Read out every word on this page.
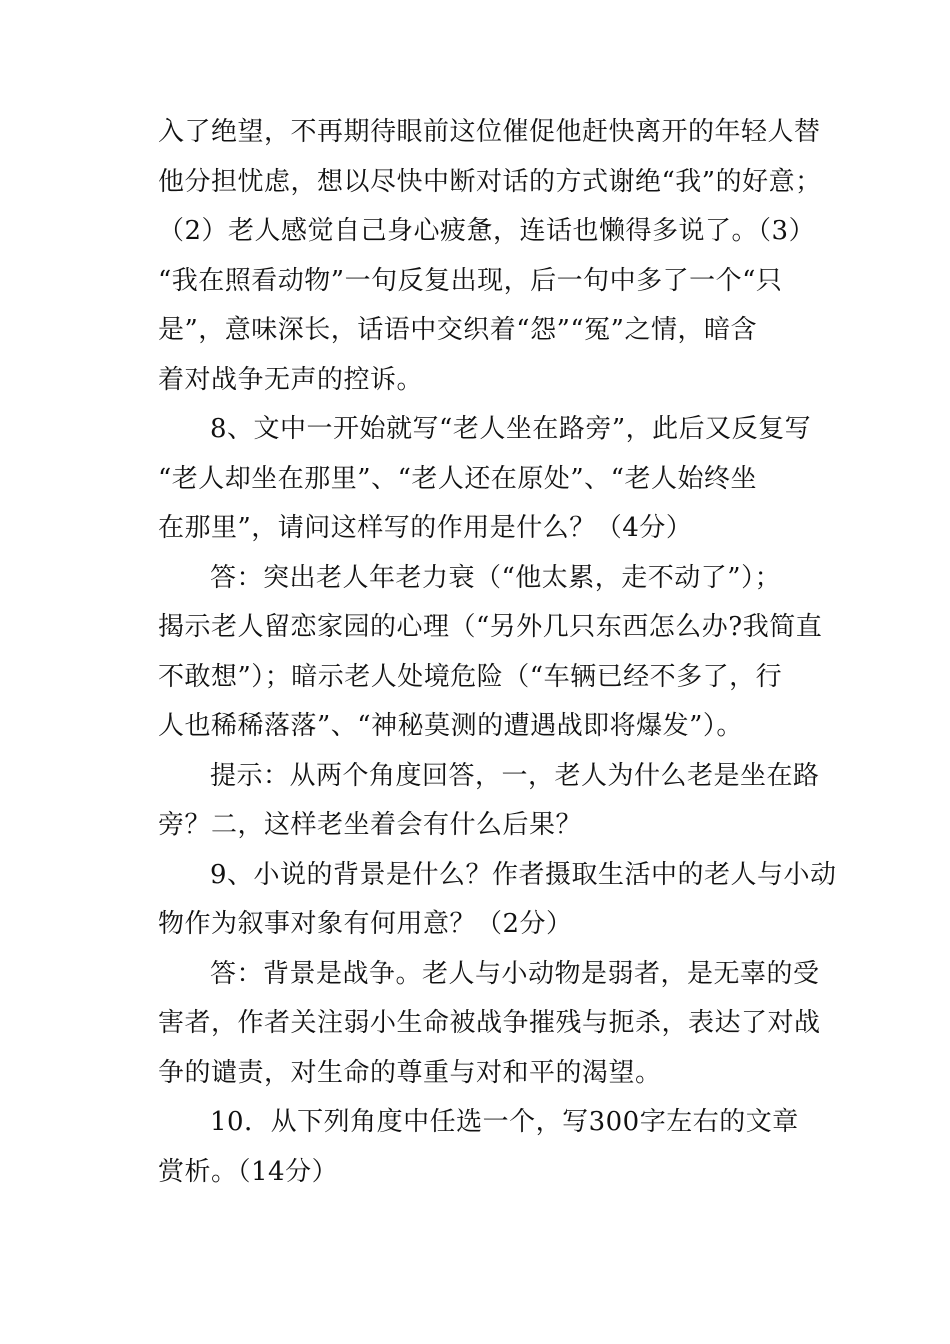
入了绝望，不再期待眼前这位催促他赶快离开的年轻人替
他分担忧虑，想以尽快中断对话的方式谢绝“我”的好意；
（2）老人感觉自己身心疲惫，连话也懒得多说了。（3）
“我在照看动物”一句反复出现，后一句中多了一个“只
是”，意味深长，话语中交织着“怨”“冤”之情，暗含
着对战争无声的控诉。

8、文中一开始就写“老人坐在路旁”，此后又反复写
“老人却坐在那里”、“老人还在原处”、“老人始终坐
在那里”，请问这样写的作用是什么？（4分）

答：突出老人年老力衰（“他太累，走不动了”）；
揭示老人留恋家园的心理（“另外几只东西怎么办?我简直
不敢想”）；暗示老人处境危险（“车辆已经不多了，行
人也稀稀落落”、“神秘莫测的遭遇战即将爆发”）。

提示：从两个角度回答，一，老人为什么老是坐在路
旁？二，这样老坐着会有什么后果？

9、小说的背景是什么？作者摄取生活中的老人与小动
物作为叙事对象有何用意？（2分）

答：背景是战争。老人与小动物是弱者，是无辜的受
害者，作者关注弱小生命被战争摧残与扼杀，表达了对战
争的谴责，对生命的尊重与对和平的渴望。

10．从下列角度中任选一个，写300字左右的文章
赏析。（14分）
